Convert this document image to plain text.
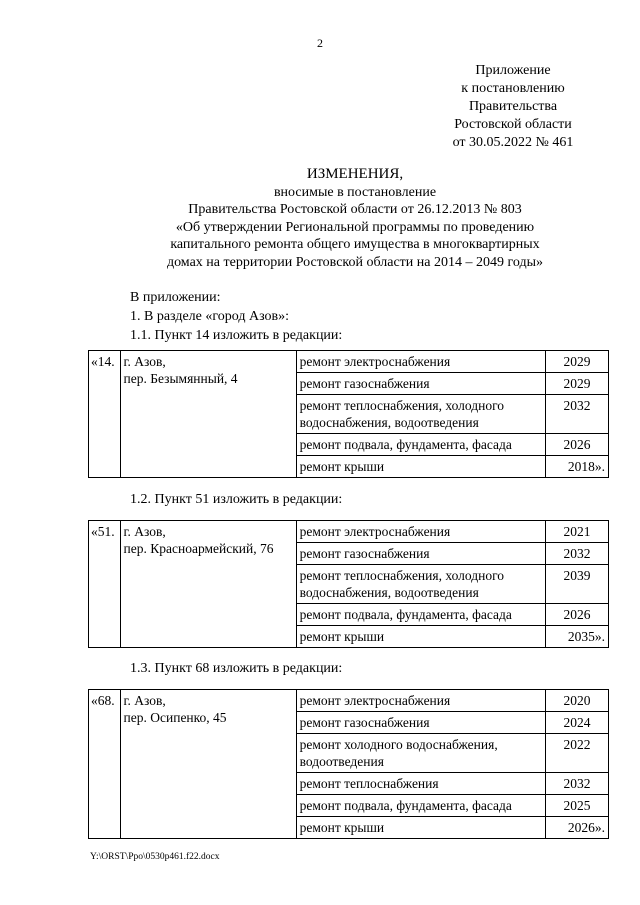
2
Приложение
к постановлению
Правительства
Ростовской области
от 30.05.2022 № 461
ИЗМЕНЕНИЯ,
вносимые в постановление
Правительства Ростовской области от 26.12.2013 № 803
«Об утверждении Региональной программы по проведению
капитального ремонта общего имущества в многоквартирных
домах на территории Ростовской области на 2014 – 2049 годы»
В приложении:
1. В разделе «город Азов»:
1.1. Пункт 14 изложить в редакции:
«14.	г. Азов,
пер. Безымянный, 4	ремонт электроснабжения	2029
		ремонт газоснабжения	2029
		ремонт теплоснабжения, холодного водоснабжения, водоотведения	2032
		ремонт подвала, фундамента, фасада	2026
		ремонт крыши	2018».
1.2. Пункт 51 изложить в редакции:
«51.	г. Азов,
пер. Красноармейский, 76	ремонт электроснабжения	2021
		ремонт газоснабжения	2032
		ремонт теплоснабжения, холодного водоснабжения, водоотведения	2039
		ремонт подвала, фундамента, фасада	2026
		ремонт крыши	2035».
1.3. Пункт 68 изложить в редакции:
«68.	г. Азов,
пер. Осипенко, 45	ремонт электроснабжения	2020
		ремонт газоснабжения	2024
		ремонт холодного водоснабжения, водоотведения	2022
		ремонт теплоснабжения	2032
		ремонт подвала, фундамента, фасада	2025
		ремонт крыши	2026».
Y:\ORST\Ppo\0530p461.f22.docx
